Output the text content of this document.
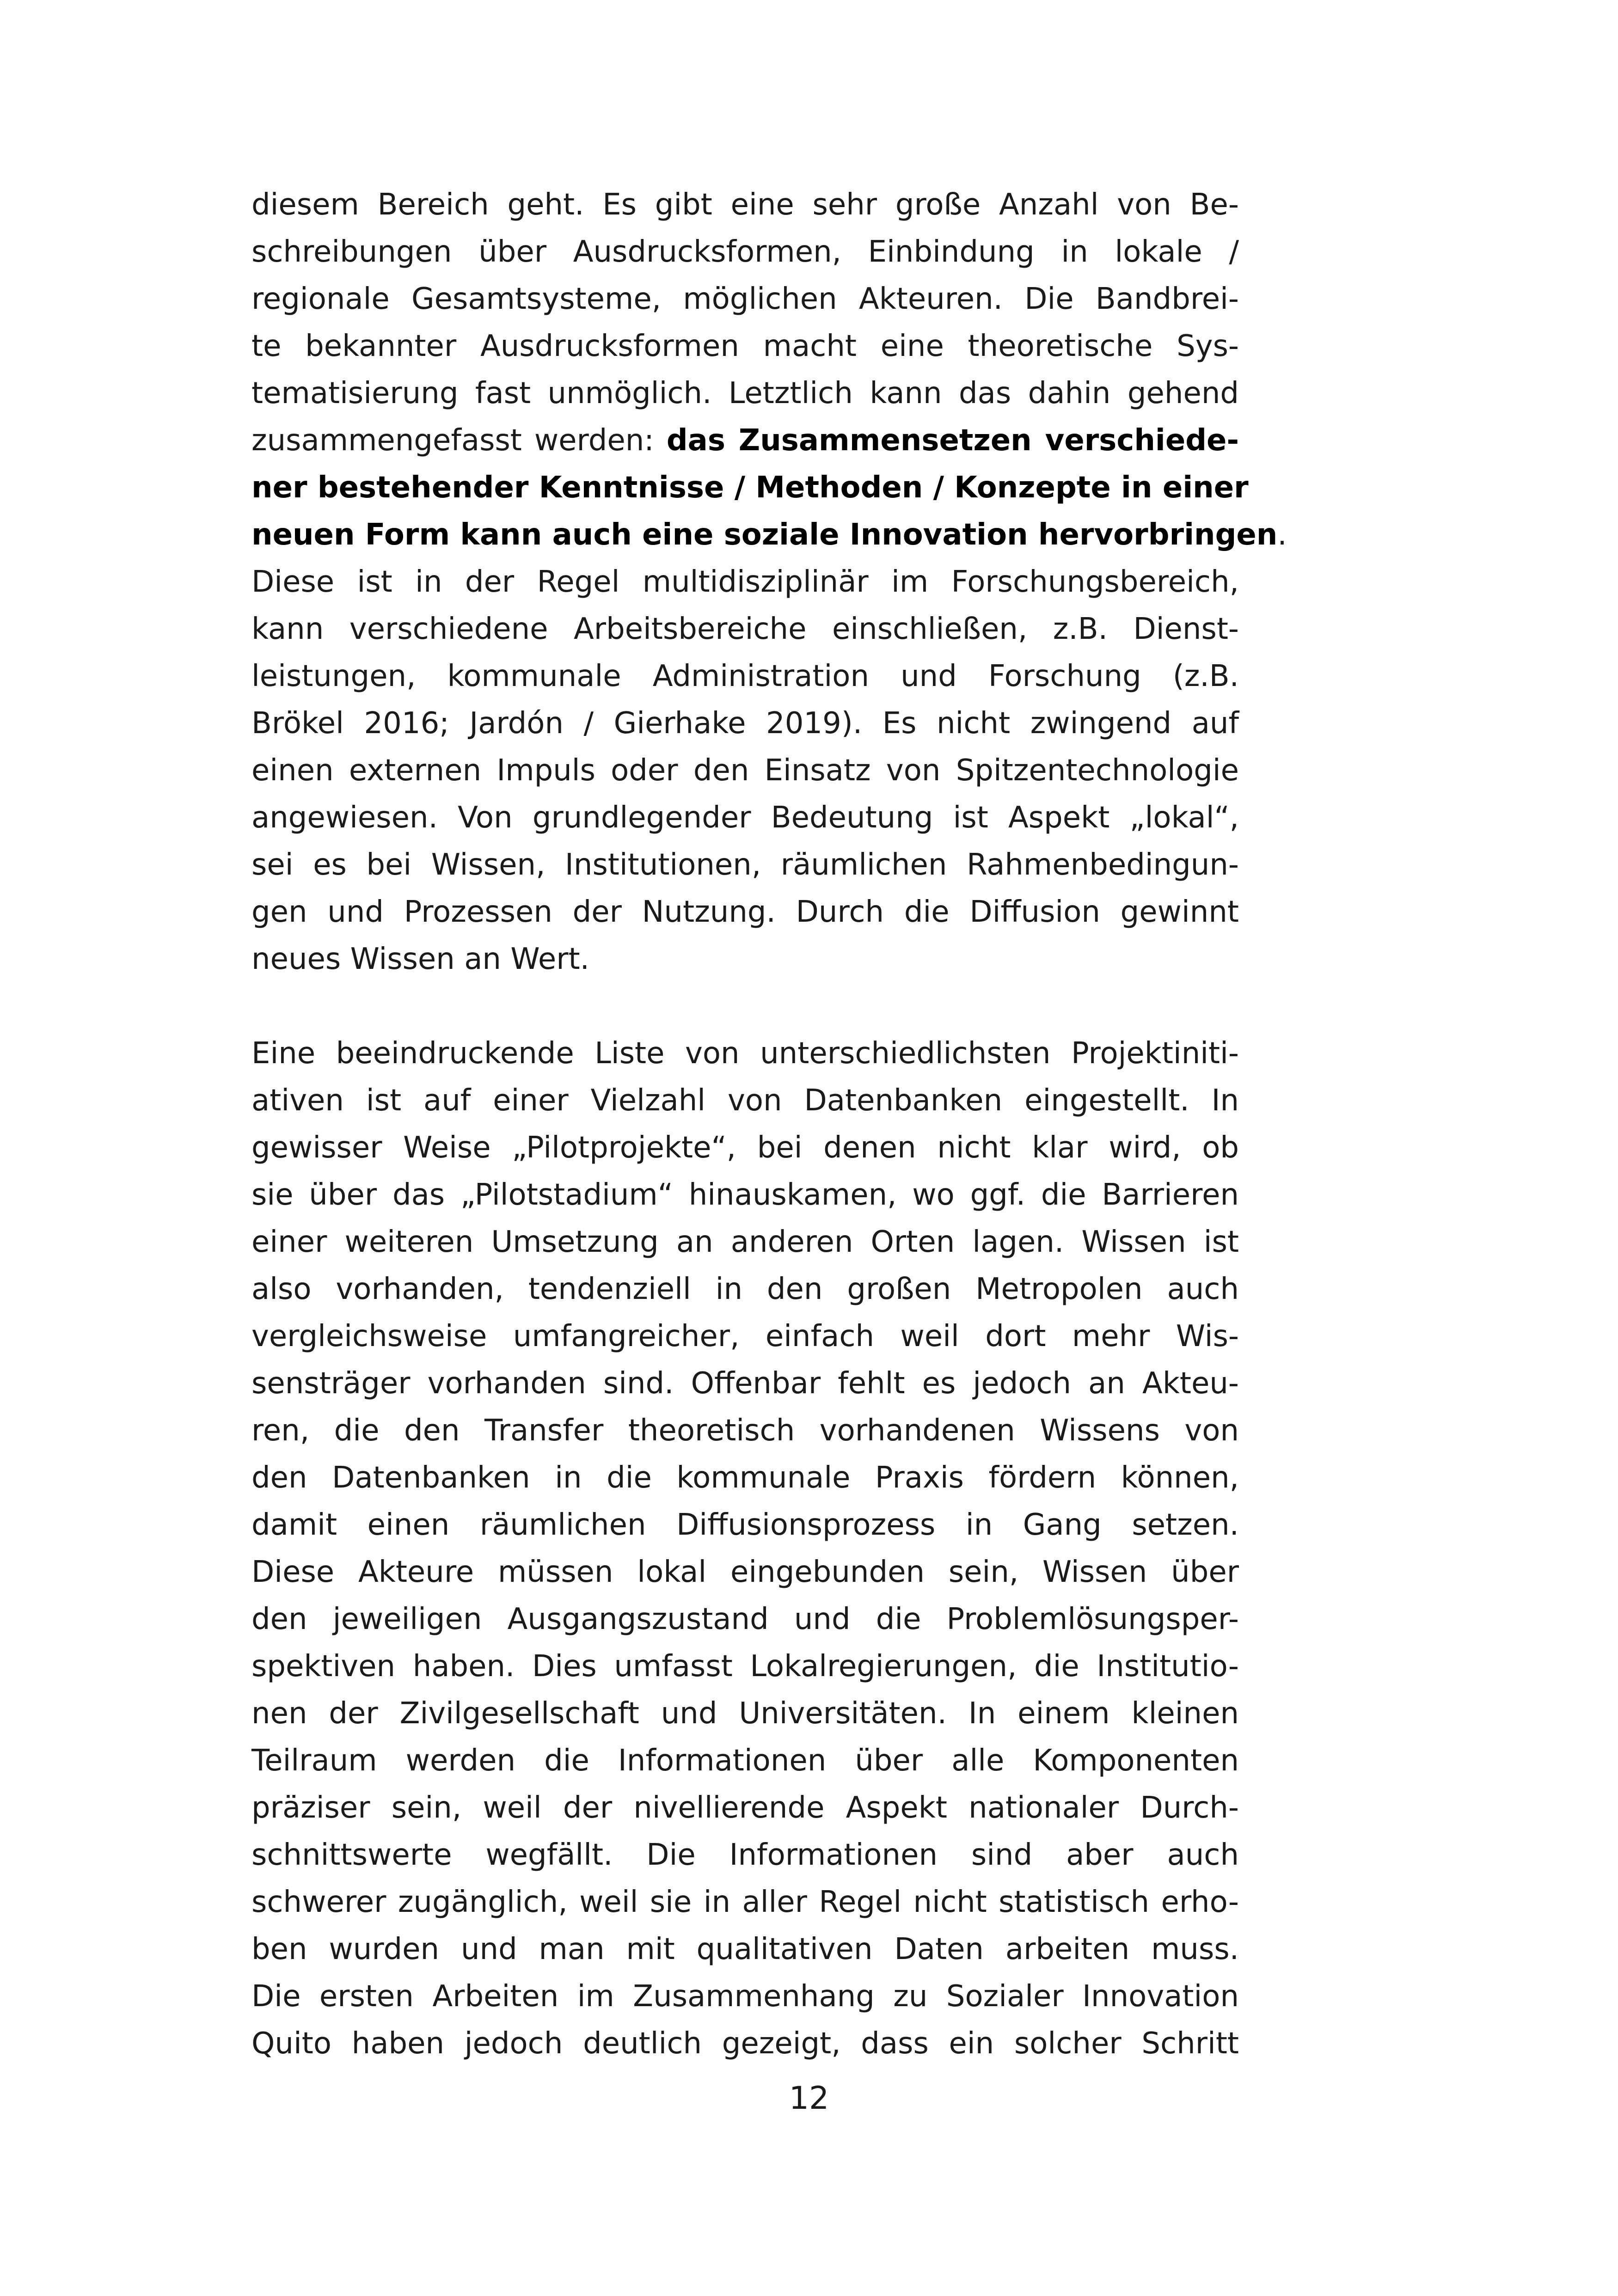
diesem Bereich geht. Es gibt eine sehr große Anzahl von Be-
schreibungen über Ausdrucksformen, Einbindung in lokale /
regionale Gesamtsysteme, möglichen Akteuren. Die Bandbrei-
te bekannter Ausdrucksformen macht eine theoretische Sys-
tematisierung fast unmöglich. Letztlich kann das dahin gehend
zusammengefasst werden: das Zusammensetzen verschiede-
ner bestehender Kenntnisse / Methoden / Konzepte in einer
neuen Form kann auch eine soziale Innovation hervorbringen.
Diese ist in der Regel multidisziplinär im Forschungsbereich,
kann verschiedene Arbeitsbereiche einschließen, z.B. Dienst-
leistungen, kommunale Administration und Forschung (z.B.
Brökel 2016; Jardón / Gierhake 2019). Es nicht zwingend auf
einen externen Impuls oder den Einsatz von Spitzentechnologie
angewiesen. Von grundlegender Bedeutung ist Aspekt „lokal“,
sei es bei Wissen, Institutionen, räumlichen Rahmenbedingun-
gen und Prozessen der Nutzung. Durch die Diffusion gewinnt
neues Wissen an Wert.
Eine beeindruckende Liste von unterschiedlichsten Projektiniti-
ativen ist auf einer Vielzahl von Datenbanken eingestellt. In
gewisser Weise „Pilotprojekte“, bei denen nicht klar wird, ob
sie über das „Pilotstadium“ hinauskamen, wo ggf. die Barrieren
einer weiteren Umsetzung an anderen Orten lagen. Wissen ist
also vorhanden, tendenziell in den großen Metropolen auch
vergleichsweise umfangreicher, einfach weil dort mehr Wis-
sensträger vorhanden sind. Offenbar fehlt es jedoch an Akteu-
ren, die den Transfer theoretisch vorhandenen Wissens von
den Datenbanken in die kommunale Praxis fördern können,
damit einen räumlichen Diffusionsprozess in Gang setzen.
Diese Akteure müssen lokal eingebunden sein, Wissen über
den jeweiligen Ausgangszustand und die Problemlösungsper-
spektiven haben. Dies umfasst Lokalregierungen, die Institutio-
nen der Zivilgesellschaft und Universitäten. In einem kleinen
Teilraum werden die Informationen über alle Komponenten
präziser sein, weil der nivellierende Aspekt nationaler Durch-
schnittswerte wegfällt. Die Informationen sind aber auch
schwerer zugänglich, weil sie in aller Regel nicht statistisch erho-
ben wurden und man mit qualitativen Daten arbeiten muss.
Die ersten Arbeiten im Zusammenhang zu Sozialer Innovation
Quito haben jedoch deutlich gezeigt, dass ein solcher Schritt
12
